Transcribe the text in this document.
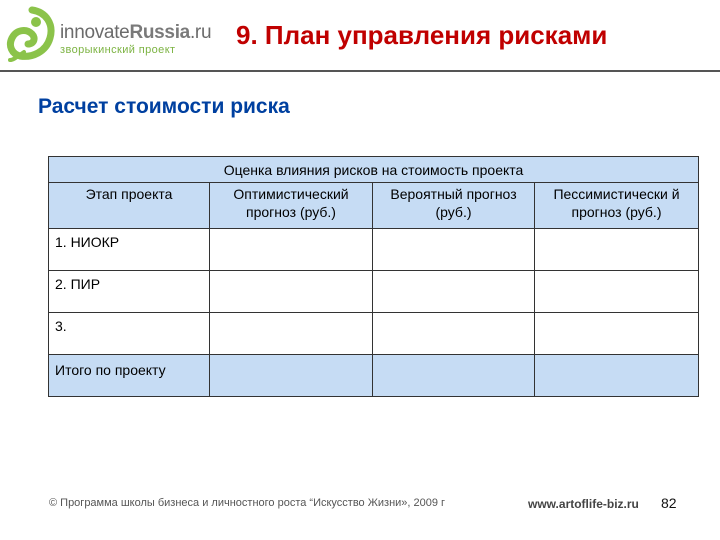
innovateRussia.ru
зворыкинский проект 9. План управления рисками
Расчет стоимости риска
Оценка влияния рисков на стоимость проекта			
Этап проекта	Оптимистический прогноз (руб.)	Вероятный прогноз (руб.)	Пессимистически й прогноз (руб.)
1. НИОКР			
2. ПИР			
3.			
Итого по проекту			
© Программа школы бизнеса и личностного роста “Искусство Жизни», 2009 г	www.artoflife-biz.ru 82
